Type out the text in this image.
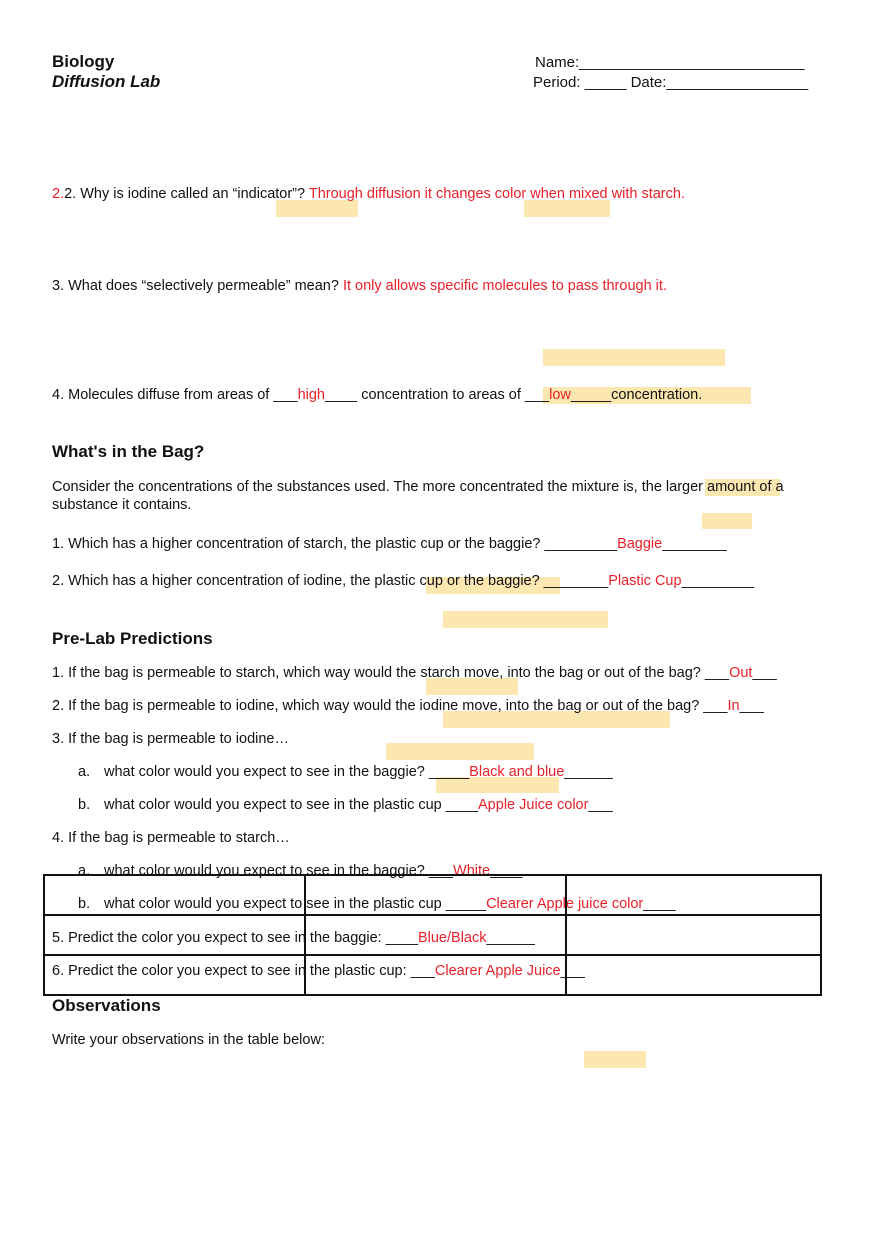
Biology
Diffusion Lab
Name:___________________________
Period: _____ Date:_________________
2.2. Why is iodine called an “indicator”? Through diffusion it changes color when mixed with starch.
3. What does “selectively permeable” mean? It only allows specific molecules to pass through it.
4. Molecules diffuse from areas of ___high____ concentration to areas of ___low_____concentration.
What's in the Bag?
Consider the concentrations of the substances used. The more concentrated the mixture is, the larger amount of a
substance it contains.
1. Which has a higher concentration of starch, the plastic cup or the baggie? _________Baggie________
2. Which has a higher concentration of iodine, the plastic cup or the baggie? ________Plastic Cup_________
Pre-Lab Predictions
1. If the bag is permeable to starch, which way would the starch move, into the bag or out of the bag? ___Out___
2. If the bag is permeable to iodine, which way would the iodine move, into the bag or out of the bag? ___In___
3. If the bag is permeable to iodine…
a. what color would you expect to see in the baggie? _____Black and blue______
b. what color would you expect to see in the plastic cup ____Apple Juice color___
4. If the bag is permeable to starch…
a. what color would you expect to see in the baggie? ___White____
b. what color would you expect to see in the plastic cup _____Clearer Apple juice color____
5. Predict the color you expect to see in the baggie: ____Blue/Black______
6. Predict the color you expect to see in the plastic cup: ___Clearer Apple Juice___

Observations
Write your observations in the table below:
